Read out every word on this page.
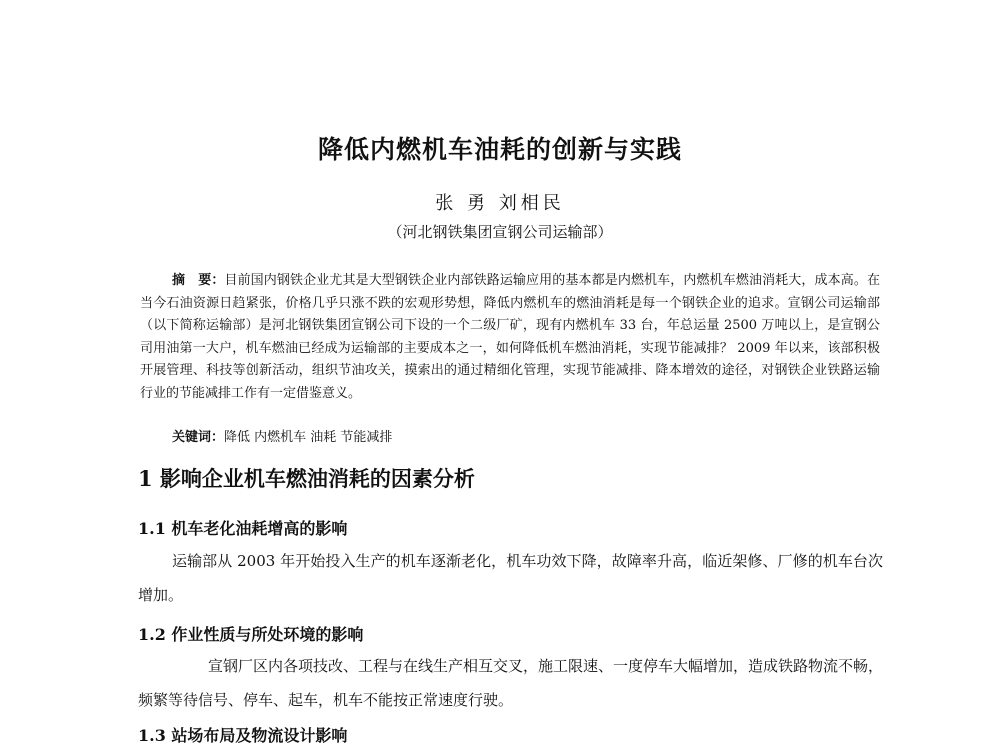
降低内燃机车油耗的创新与实践
张 勇 刘相民
（河北钢铁集团宣钢公司运输部）
摘　要：目前国内钢铁企业尤其是大型钢铁企业内部铁路运输应用的基本都是内燃机车，内燃机车燃油消耗大，成本高。在当今石油资源日趋紧张，价格几乎只涨不跌的宏观形势想，降低内燃机车的燃油消耗是每一个钢铁企业的追求。宣钢公司运输部（以下简称运输部）是河北钢铁集团宣钢公司下设的一个二级厂矿，现有内燃机车 33 台，年总运量 2500 万吨以上，是宣钢公司用油第一大户，机车燃油已经成为运输部的主要成本之一，如何降低机车燃油消耗，实现节能减排？ 2009 年以来，该部积极开展管理、科技等创新活动，组织节油攻关，摸索出的通过精细化管理，实现节能减排、降本增效的途径，对钢铁企业铁路运输行业的节能减排工作有一定借鉴意义。
关键词：降低 内燃机车 油耗 节能减排
1 影响企业机车燃油消耗的因素分析
1.1 机车老化油耗增高的影响
运输部从 2003 年开始投入生产的机车逐渐老化，机车功效下降，故障率升高，临近架修、厂修的机车台次增加。
1.2 作业性质与所处环境的影响
宣钢厂区内各项技改、工程与在线生产相互交叉，施工限速、一度停车大幅增加，造成铁路物流不畅，频繁等待信号、停车、起车，机车不能按正常速度行驶。
1.3 站场布局及物流设计影响
